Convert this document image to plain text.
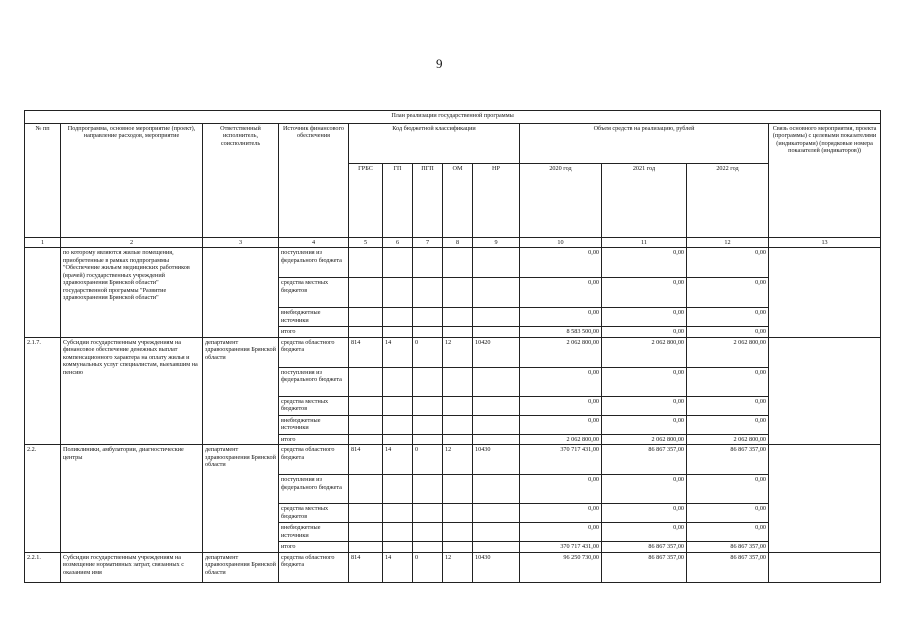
9
План реализации государственной программы												
№ пп	Подпрограмма, основное мероприятие (проект), направление расходов, мероприятие	Ответственный исполнитель, соисполнитель	Источник финансового обеспечения	Код бюджетной классификации					Объем средств на реализацию, рублей			Связь основного мероприятия, проекта (программы) с целевыми показателями (индикаторами) (порядковые номера показателей (индикаторов))
				ГРБС	ГП	ПГП	ОМ	НР	2020 год	2021 год	2022 год	
1	2	3	4	5	6	7	8	9	10	11	12	13
	по которому являются жилые помещения, приобретенные в рамках подпрограммы "Обеспечение жильем медицинских работников (врачей) государственных учреждений здравоохранения Брянской области" государственной программы "Развитие здравоохранения Брянской области"		поступления из федерального бюджета						0,00	0,00	0,00	
			средства местных бюджетов						0,00	0,00	0,00	
			внебюджетные источники						0,00	0,00	0,00	
			итого						8 583 500,00	0,00	0,00	
2.1.7.	Субсидии государственным учреждениям на финансовое обеспечение денежных выплат компенсационного характера на оплату жилья и коммунальных услуг специалистам, выехавшим на пенсию	департамент здравоохранения Брянской области	средства областного бюджета	814	14	0	12	10420	2 062 800,00	2 062 800,00	2 062 800,00	
			поступления из федерального бюджета						0,00	0,00	0,00	
			средства местных бюджетов						0,00	0,00	0,00	
			внебюджетные источники						0,00	0,00	0,00	
			итого						2 062 800,00	2 062 800,00	2 062 800,00	
2.2.	Поликлиники, амбулатории, диагностические центры	департамент здравоохранения Брянской области	средства областного бюджета	814	14	0	12	10430	370 717 431,00	86 867 357,00	86 867 357,00	
			поступления из федерального бюджета						0,00	0,00	0,00	
			средства местных бюджетов						0,00	0,00	0,00	
			внебюджетные источники						0,00	0,00	0,00	
			итого						370 717 431,00	86 867 357,00	86 867 357,00	
2.2.1.	Субсидии государственным учреждениям на возмещение нормативных затрат, связанных с оказанием имя	департамент здравоохранения Брянской области	средства областного бюджета	814	14	0	12	10430	96 250 730,00	86 867 357,00	86 867 357,00	
